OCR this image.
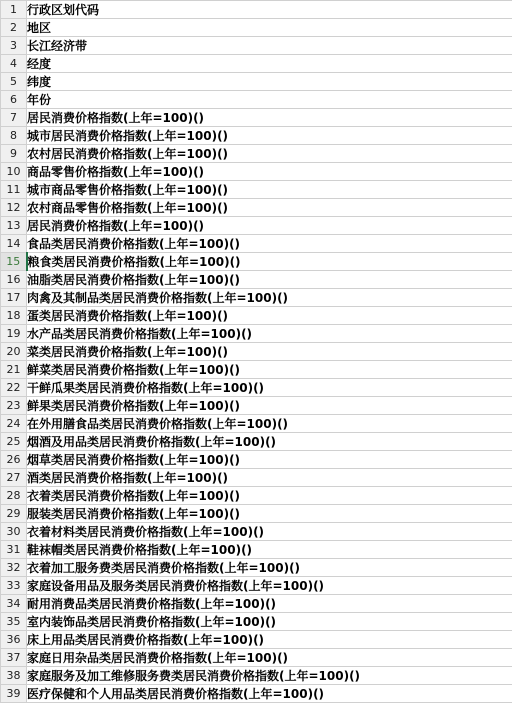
1	行政区划代码
2	地区
3	长江经济带
4	经度
5	纬度
6	年份
7	居民消费价格指数(上年=100)()
8	城市居民消费价格指数(上年=100)()
9	农村居民消费价格指数(上年=100)()
10	商品零售价格指数(上年=100)()
11	城市商品零售价格指数(上年=100)()
12	农村商品零售价格指数(上年=100)()
13	居民消费价格指数(上年=100)()
14	食品类居民消费价格指数(上年=100)()
15	粮食类居民消费价格指数(上年=100)()
16	油脂类居民消费价格指数(上年=100)()
17	肉禽及其制品类居民消费价格指数(上年=100)()
18	蛋类居民消费价格指数(上年=100)()
19	水产品类居民消费价格指数(上年=100)()
20	菜类居民消费价格指数(上年=100)()
21	鲜菜类居民消费价格指数(上年=100)()
22	干鲜瓜果类居民消费价格指数(上年=100)()
23	鲜果类居民消费价格指数(上年=100)()
24	在外用膳食品类居民消费价格指数(上年=100)()
25	烟酒及用品类居民消费价格指数(上年=100)()
26	烟草类居民消费价格指数(上年=100)()
27	酒类居民消费价格指数(上年=100)()
28	衣着类居民消费价格指数(上年=100)()
29	服装类居民消费价格指数(上年=100)()
30	衣着材料类居民消费价格指数(上年=100)()
31	鞋袜帽类居民消费价格指数(上年=100)()
32	衣着加工服务费类居民消费价格指数(上年=100)()
33	家庭设备用品及服务类居民消费价格指数(上年=100)()
34	耐用消费品类居民消费价格指数(上年=100)()
35	室内装饰品类居民消费价格指数(上年=100)()
36	床上用品类居民消费价格指数(上年=100)()
37	家庭日用杂品类居民消费价格指数(上年=100)()
38	家庭服务及加工维修服务费类居民消费价格指数(上年=100)()
39	医疗保健和个人用品类居民消费价格指数(上年=100)()
